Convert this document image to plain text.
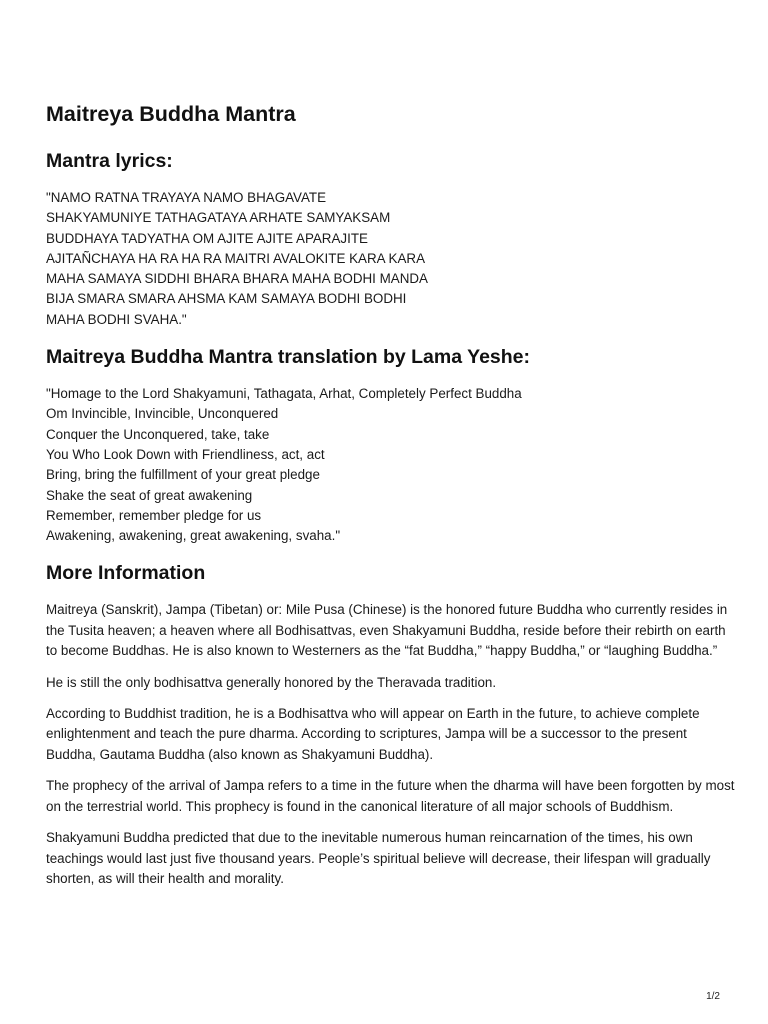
Maitreya Buddha Mantra
Mantra lyrics:
"NAMO RATNA TRAYAYA NAMO BHAGAVATE
SHAKYAMUNIYE TATHAGATAYA ARHATE SAMYAKSAM
BUDDHAYA TADYATHA OM AJITE AJITE APARAJITE
AJITAÑCHAYA HA RA HA RA MAITRI AVALOKITE KARA KARA
MAHA SAMAYA SIDDHI BHARA BHARA MAHA BODHI MANDA
BIJA SMARA SMARA AHSMA KAM SAMAYA BODHI BODHI
MAHA BODHI SVAHA."
Maitreya Buddha Mantra translation by Lama Yeshe:
"Homage to the Lord Shakyamuni, Tathagata, Arhat, Completely Perfect Buddha
Om Invincible, Invincible, Unconquered
Conquer the Unconquered, take, take
You Who Look Down with Friendliness, act, act
Bring, bring the fulfillment of your great pledge
Shake the seat of great awakening
Remember, remember pledge for us
Awakening, awakening, great awakening, svaha."
More Information

Maitreya (Sanskrit), Jampa (Tibetan) or: Mile Pusa (Chinese) is the honored future Buddha who currently resides in the Tusita heaven; a heaven where all Bodhisattvas, even Shakyamuni Buddha, reside before their rebirth on earth to become Buddhas. He is also known to Westerners as the “fat Buddha,” “happy Buddha,” or “laughing Buddha.”

He is still the only bodhisattva generally honored by the Theravada tradition.

According to Buddhist tradition, he is a Bodhisattva who will appear on Earth in the future, to achieve complete enlightenment and teach the pure dharma. According to scriptures, Jampa will be a successor to the present Buddha, Gautama Buddha (also known as Shakyamuni Buddha).

The prophecy of the arrival of Jampa refers to a time in the future when the dharma will have been forgotten by most on the terrestrial world. This prophecy is found in the canonical literature of all major schools of Buddhism.

Shakyamuni Buddha predicted that due to the inevitable numerous human reincarnation of the times, his own teachings would last just five thousand years. People’s spiritual believe will decrease, their lifespan will gradually shorten, as will their health and morality.

1/2
